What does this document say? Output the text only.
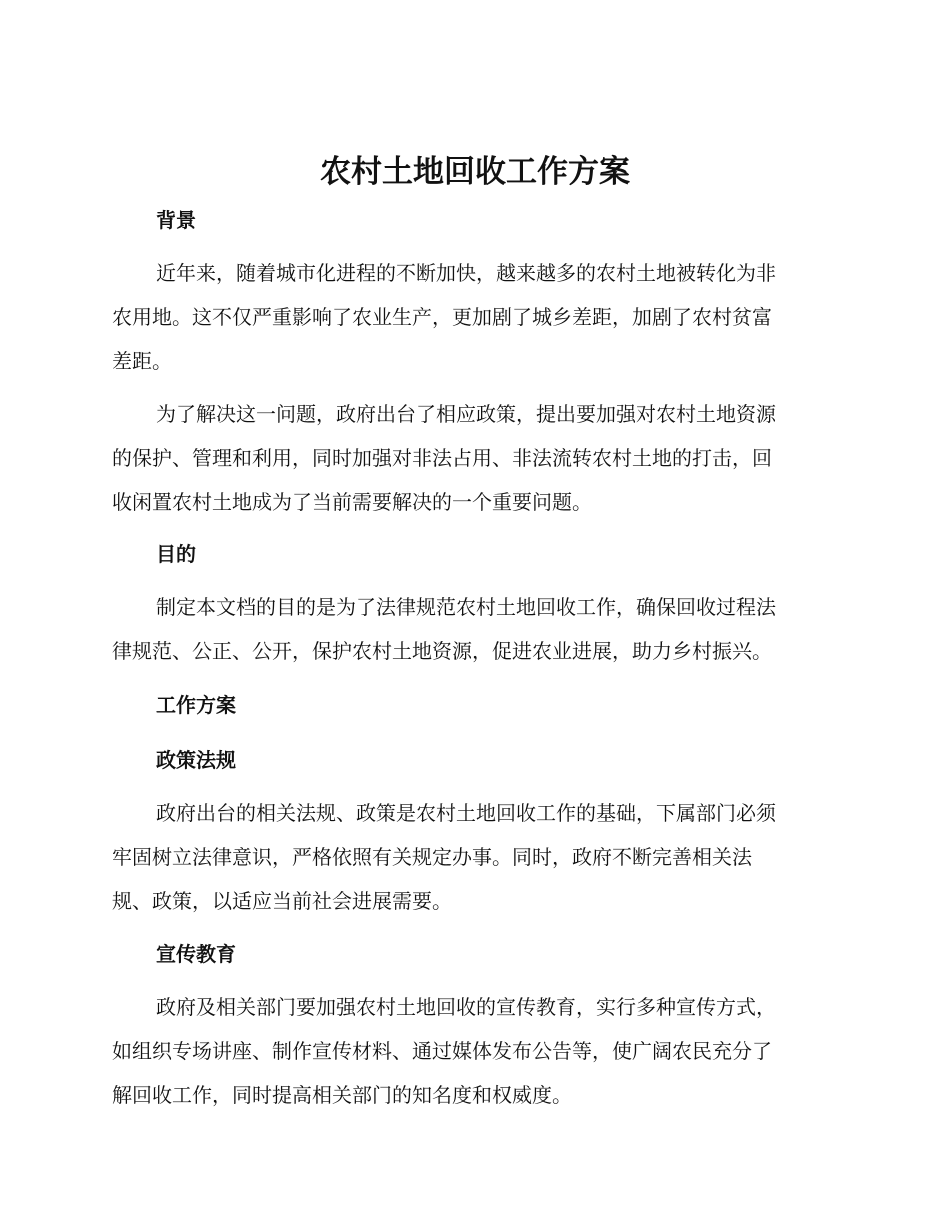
农村土地回收工作方案
背景

近年来，随着城市化进程的不断加快，越来越多的农村土地被转化为非
农用地。这不仅严重影响了农业生产，更加剧了城乡差距，加剧了农村贫富
差距。

为了解决这一问题，政府出台了相应政策，提出要加强对农村土地资源
的保护、管理和利用，同时加强对非法占用、非法流转农村土地的打击，回
收闲置农村土地成为了当前需要解决的一个重要问题。

目的

制定本文档的目的是为了法律规范农村土地回收工作，确保回收过程法
律规范、公正、公开，保护农村土地资源，促进农业进展，助力乡村振兴。

工作方案
政策法规

政府出台的相关法规、政策是农村土地回收工作的基础，下属部门必须
牢固树立法律意识，严格依照有关规定办事。同时，政府不断完善相关法
规、政策，以适应当前社会进展需要。

宣传教育

政府及相关部门要加强农村土地回收的宣传教育，实行多种宣传方式，
如组织专场讲座、制作宣传材料、通过媒体发布公告等，使广阔农民充分了
解回收工作，同时提高相关部门的知名度和权威度。
